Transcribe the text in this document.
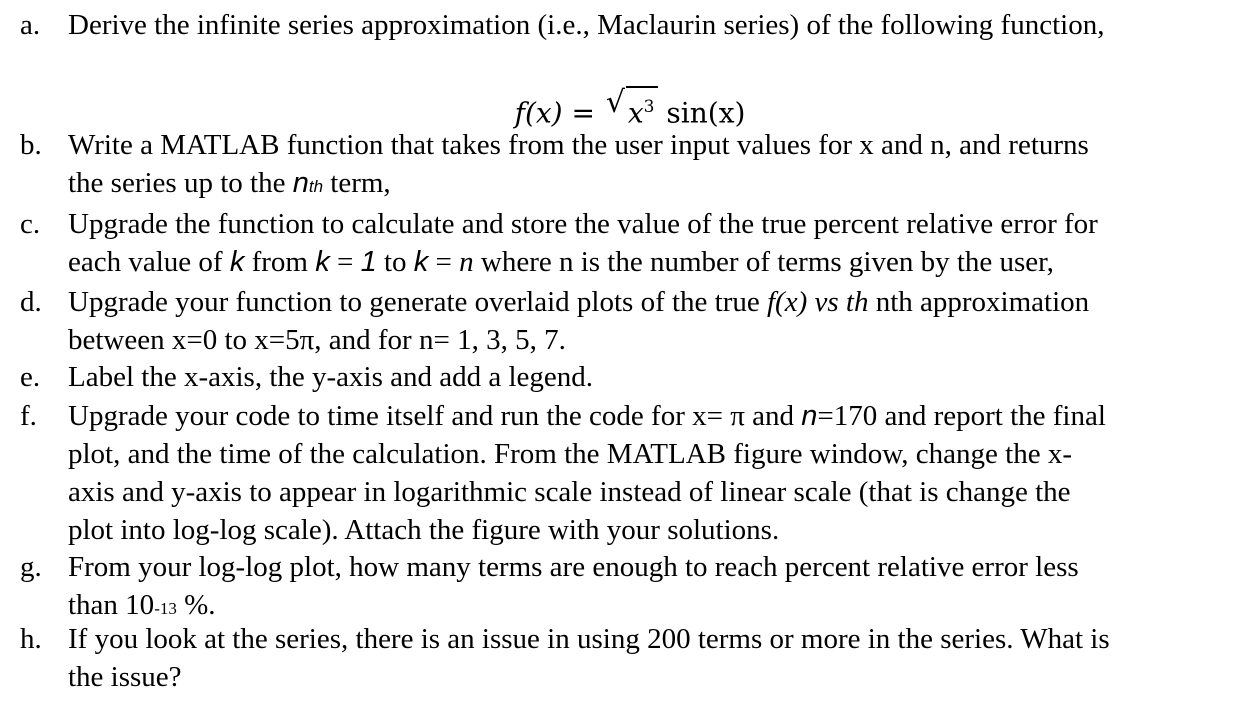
a. Derive the infinite series approximation (i.e., Maclaurin series) of the following function,
f(x) = √ $x^3$ sin(x)
b. Write a MATLAB function that takes from the user input values for x and n, and returns
the series up to the nth term,
c. Upgrade the function to calculate and store the value of the true percent relative error for
each value of k from k = 1 to k = n where n is the number of terms given by the user,
d. Upgrade your function to generate overlaid plots of the true f(x) vs th nth approximation
between x=0 to x=5π, and for n= 1, 3, 5, 7.
e. Label the x-axis, the y-axis and add a legend.
f. Upgrade your code to time itself and run the code for x= π and n=170 and report the final
plot, and the time of the calculation. From the MATLAB figure window, change the x-
axis and y-axis to appear in logarithmic scale instead of linear scale (that is change the
plot into log-log scale). Attach the figure with your solutions.
g. From your log-log plot, how many terms are enough to reach percent relative error less
than 10-13 %.
h. If you look at the series, there is an issue in using 200 terms or more in the series. What is
the issue?
